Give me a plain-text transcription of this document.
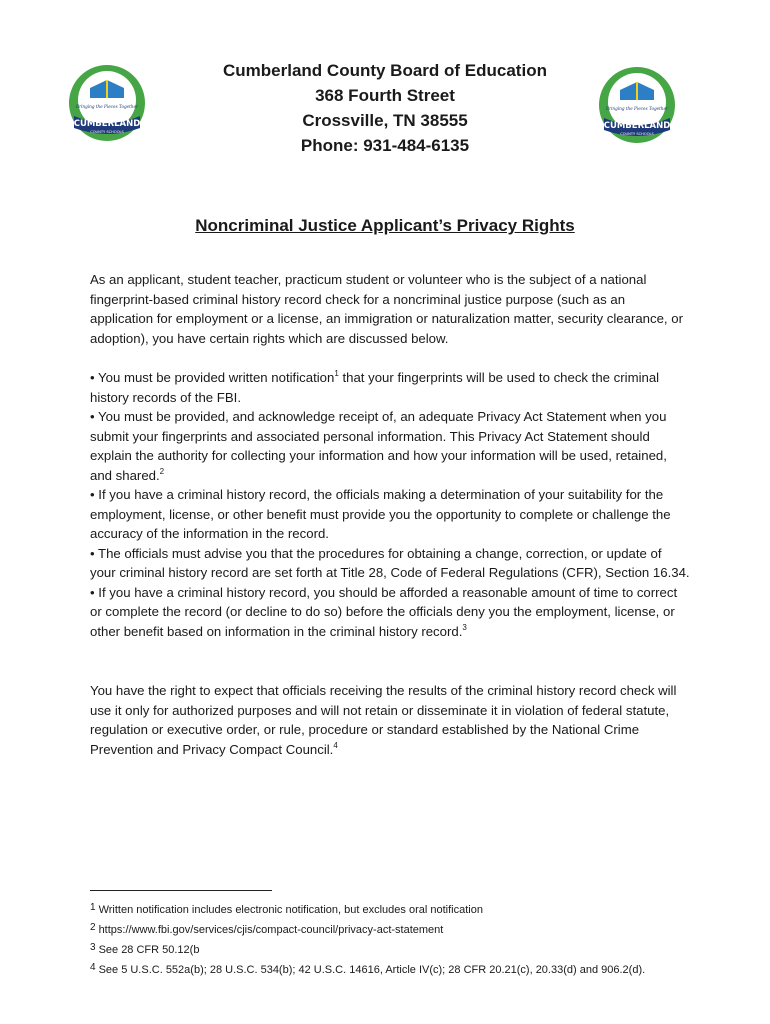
Bringing the Pieces Together
CUMBERLAND
COUNTY SCHOOLS
Bringing the Pieces Together
CUMBERLAND
COUNTY SCHOOLS
Cumberland County Board of Education
368 Fourth Street
Crossville, TN 38555
Phone: 931-484-6135
Noncriminal Justice Applicant’s Privacy Rights
As an applicant, student teacher, practicum student or volunteer who is the subject of a national fingerprint-based criminal history record check for a noncriminal justice purpose (such as an application for employment or a license, an immigration or naturalization matter, security clearance, or adoption), you have certain rights which are discussed below.

• You must be provided written notification$^1$ that your fingerprints will be used to check the criminal history records of the FBI.

• You must be provided, and acknowledge receipt of, an adequate Privacy Act Statement when you submit your fingerprints and associated personal information. This Privacy Act Statement should explain the authority for collecting your information and how your information will be used, retained, and shared.$^2$

• If you have a criminal history record, the officials making a determination of your suitability for the employment, license, or other benefit must provide you the opportunity to complete or challenge the accuracy of the information in the record.

• The officials must advise you that the procedures for obtaining a change, correction, or update of your criminal history record are set forth at Title 28, Code of Federal Regulations (CFR), Section 16.34.

• If you have a criminal history record, you should be afforded a reasonable amount of time to correct or complete the record (or decline to do so) before the officials deny you the employment, license, or other benefit based on information in the criminal history record.$^3$

You have the right to expect that officials receiving the results of the criminal history record check will use it only for authorized purposes and will not retain or disseminate it in violation of federal statute, regulation or executive order, or rule, procedure or standard established by the National Crime Prevention and Privacy Compact Council.$^4$
1 Written notification includes electronic notification, but excludes oral notification
2 https://www.fbi.gov/services/cjis/compact-council/privacy-act-statement
3 See 28 CFR 50.12(b
4 See 5 U.S.C. 552a(b); 28 U.S.C. 534(b); 42 U.S.C. 14616, Article IV(c); 28 CFR 20.21(c), 20.33(d) and 906.2(d).
